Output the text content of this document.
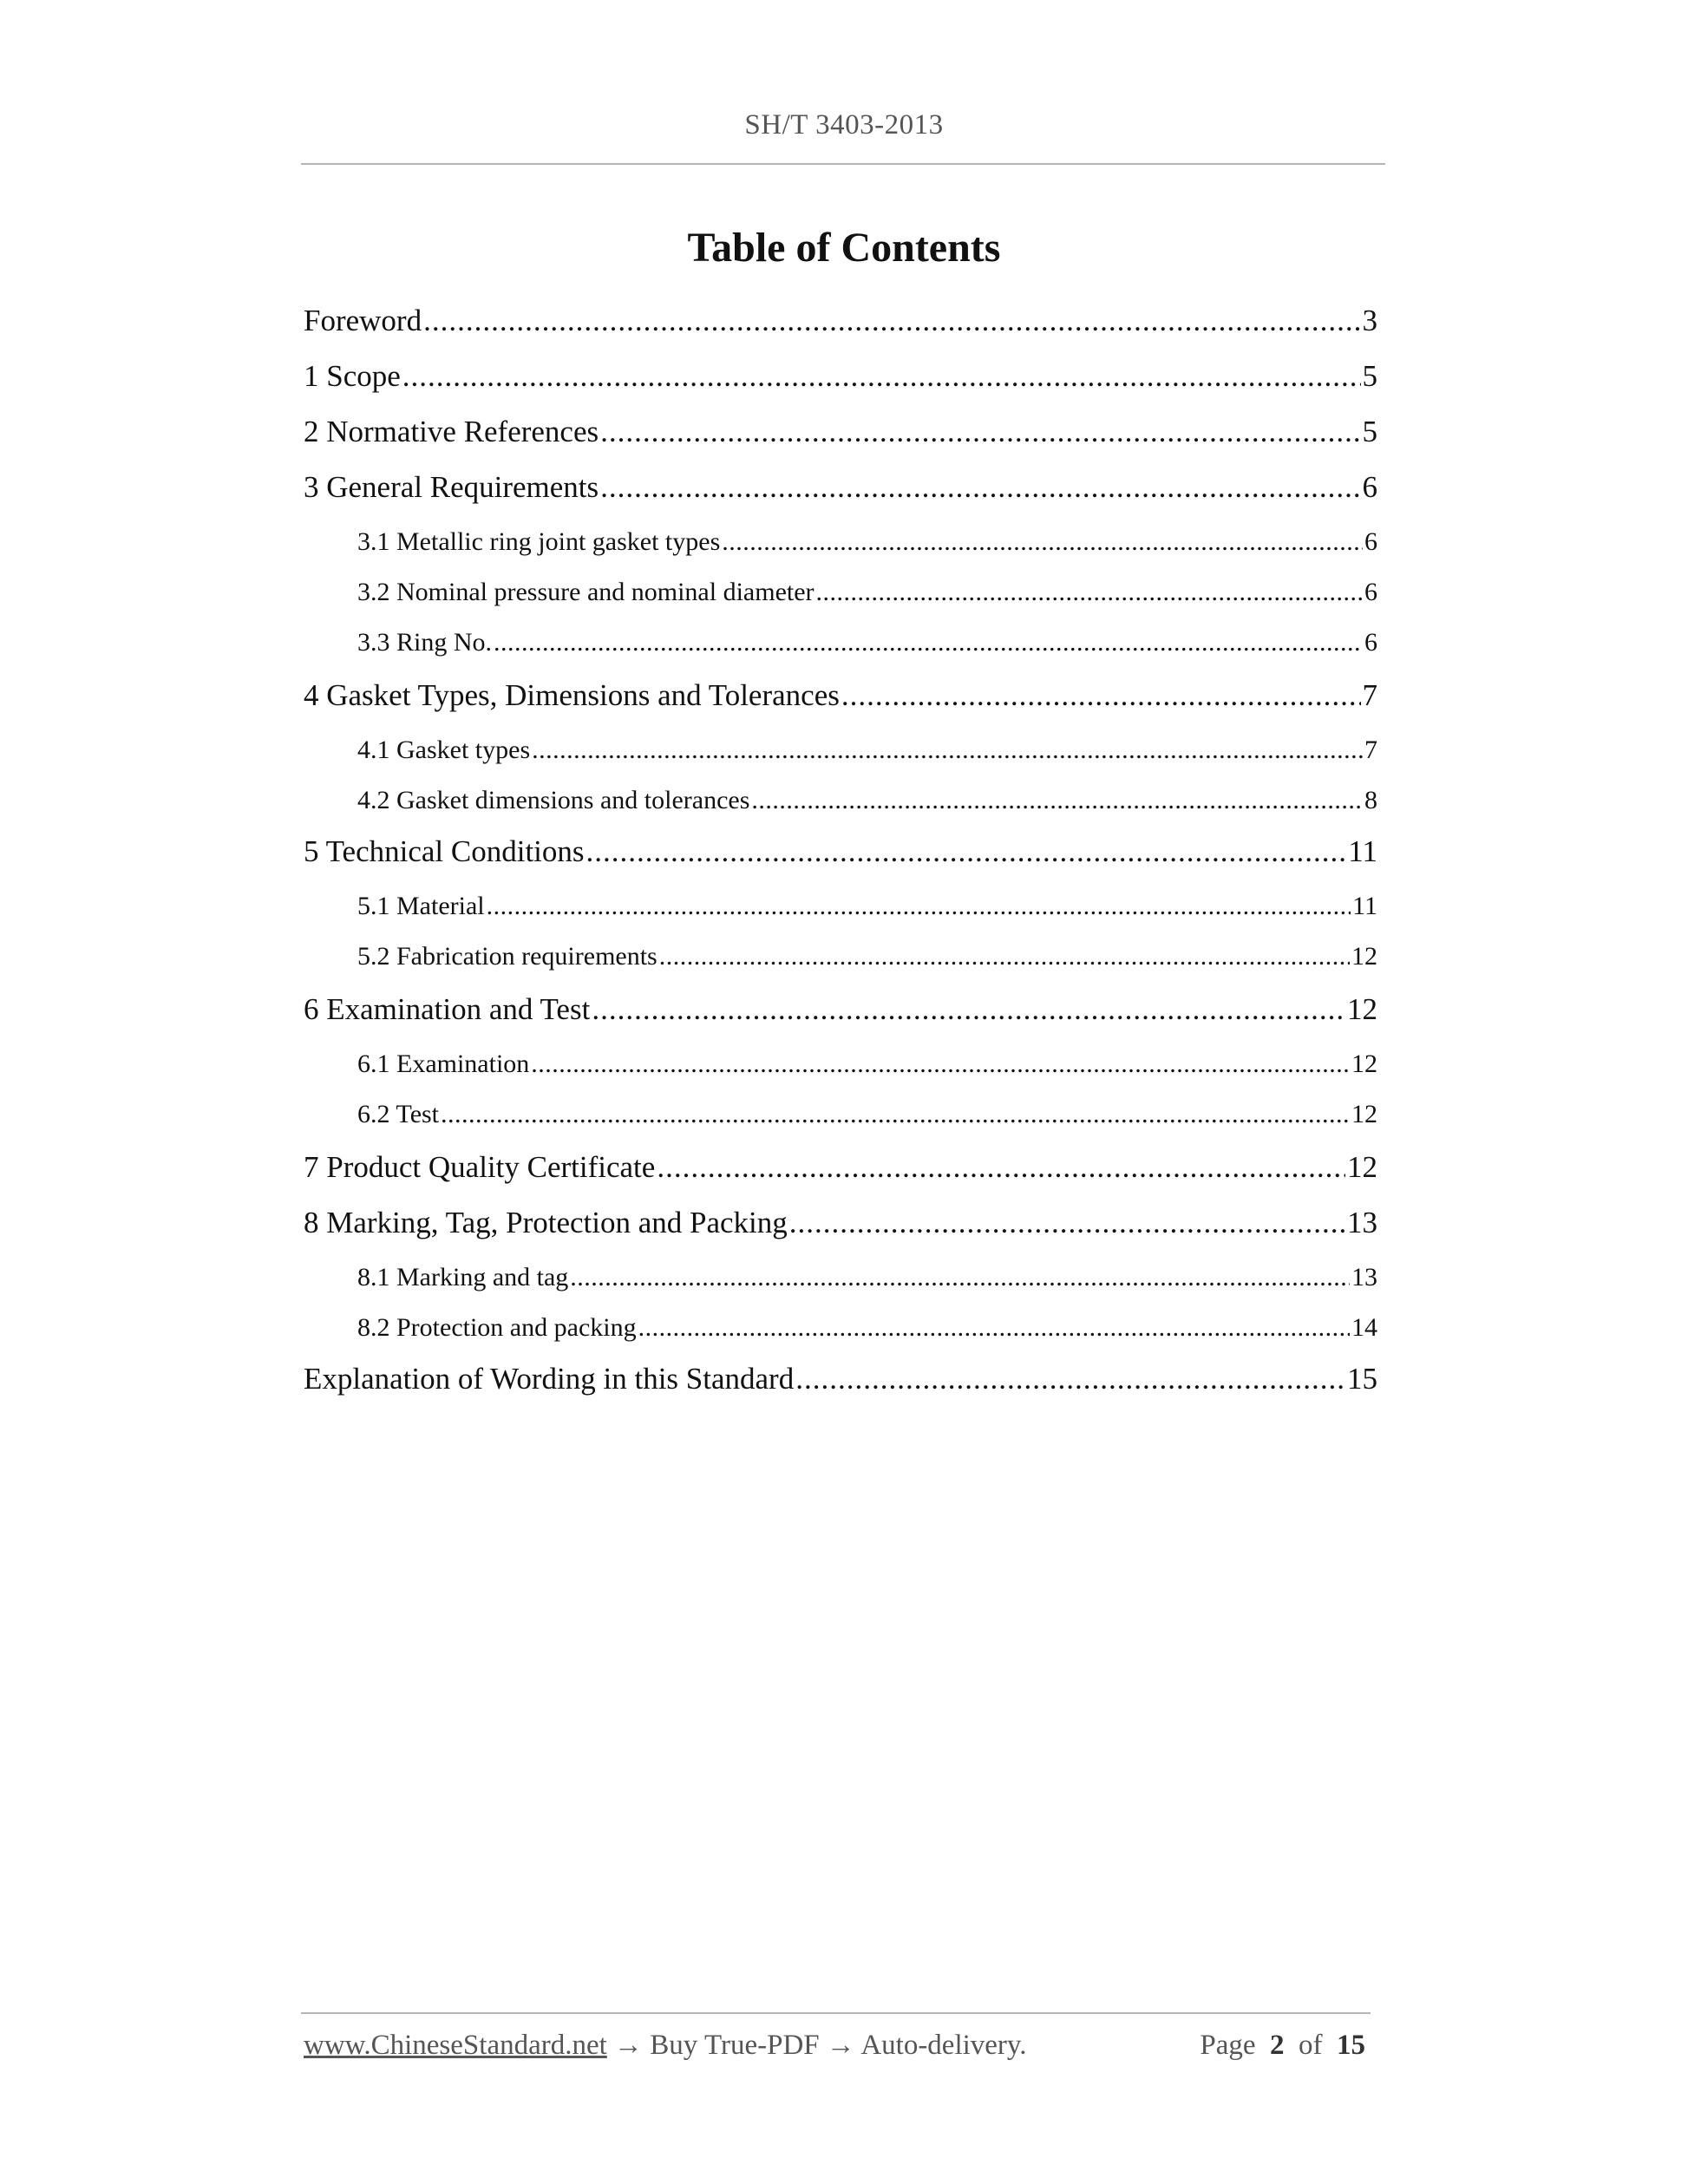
SH/T 3403-2013
Table of Contents
Foreword .....	3
1 Scope .....	5
2 Normative References .....	5
3 General Requirements .....	6
3.1 Metallic ring joint gasket types .....	6
3.2 Nominal pressure and nominal diameter .....	6
3.3 Ring No. .....	6
4 Gasket Types, Dimensions and Tolerances .....	7
4.1 Gasket types .....	7
4.2 Gasket dimensions and tolerances .....	8
5 Technical Conditions .....	11
5.1 Material .....	11
5.2 Fabrication requirements .....	12
6 Examination and Test .....	12
6.1 Examination .....	12
6.2 Test .....	12
7 Product Quality Certificate .....	12
8 Marking, Tag, Protection and Packing .....	13
8.1 Marking and tag .....	13
8.2 Protection and packing .....	14
Explanation of Wording in this Standard .....	15
www.ChineseStandard.net → Buy True-PDF → Auto-delivery.	Page 2 of 15
